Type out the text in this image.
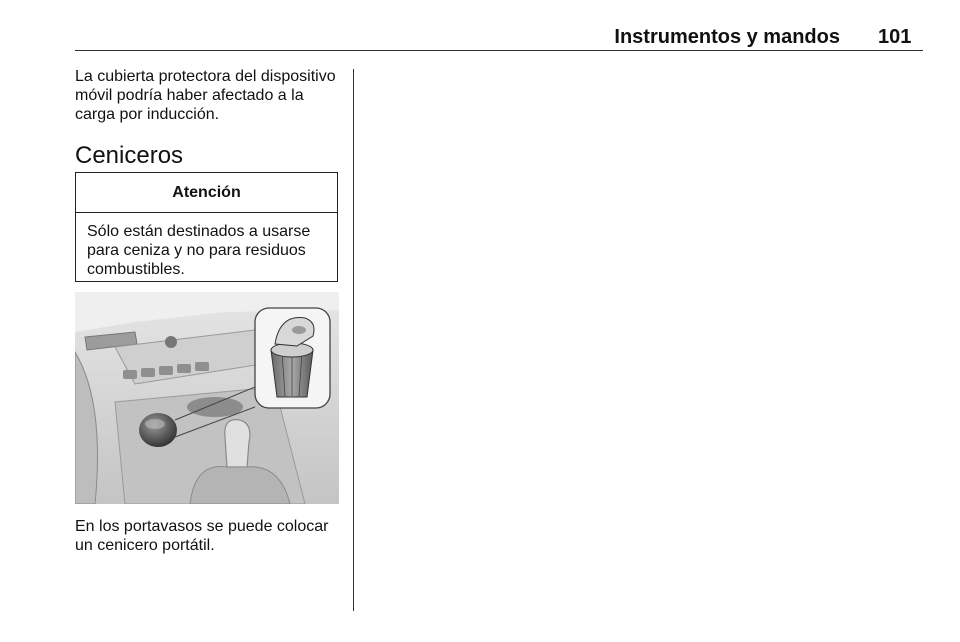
Instrumentos y mandos 101

La cubierta protectora del dispositivo móvil podría haber afectado a la carga por inducción.

Ceniceros
Atención
Sólo están destinados a usarse para ceniza y no para residuos combustibles.

En los portavasos se puede colocar un cenicero portátil.
